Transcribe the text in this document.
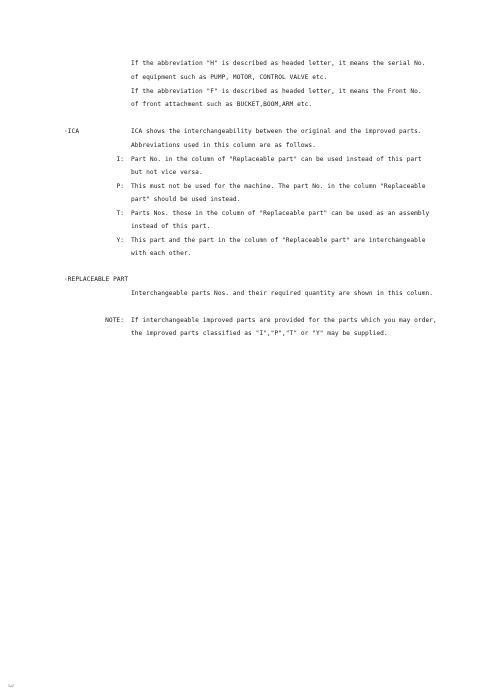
If the abbreviation "H" is described as headed letter, it means the serial No.
of equipment such as PUMP, MOTOR, CONTROL VALVE etc.
If the abbreviation "F" is described as headed letter, it means the Front No.
of front attachment such as BUCKET,BOOM,ARM etc.
·ICA	ICA shows the interchangeability between the original and the improved parts.
Abbreviations used in this column are as follows.
I: Part No. in the column of "Replaceable part" can be used instead of this part
but not vice versa.
P: This must not be used for the machine. The part No. in the column "Replaceable
part" should be used instead.
T: Parts Nos. those in the column of "Replaceable part" can be used as an assembly
instead of this part.
Y: This part and the part in the column of "Replaceable part" are interchangeable
with each other.
·REPLACEABLE PART
Interchangeable parts Nos. and their required quantity are shown in this column.
NOTE: If interchangeable improved parts are provided for the parts which you may order,
the improved parts classified as "I","P","T" or "Y" may be supplied.
3
